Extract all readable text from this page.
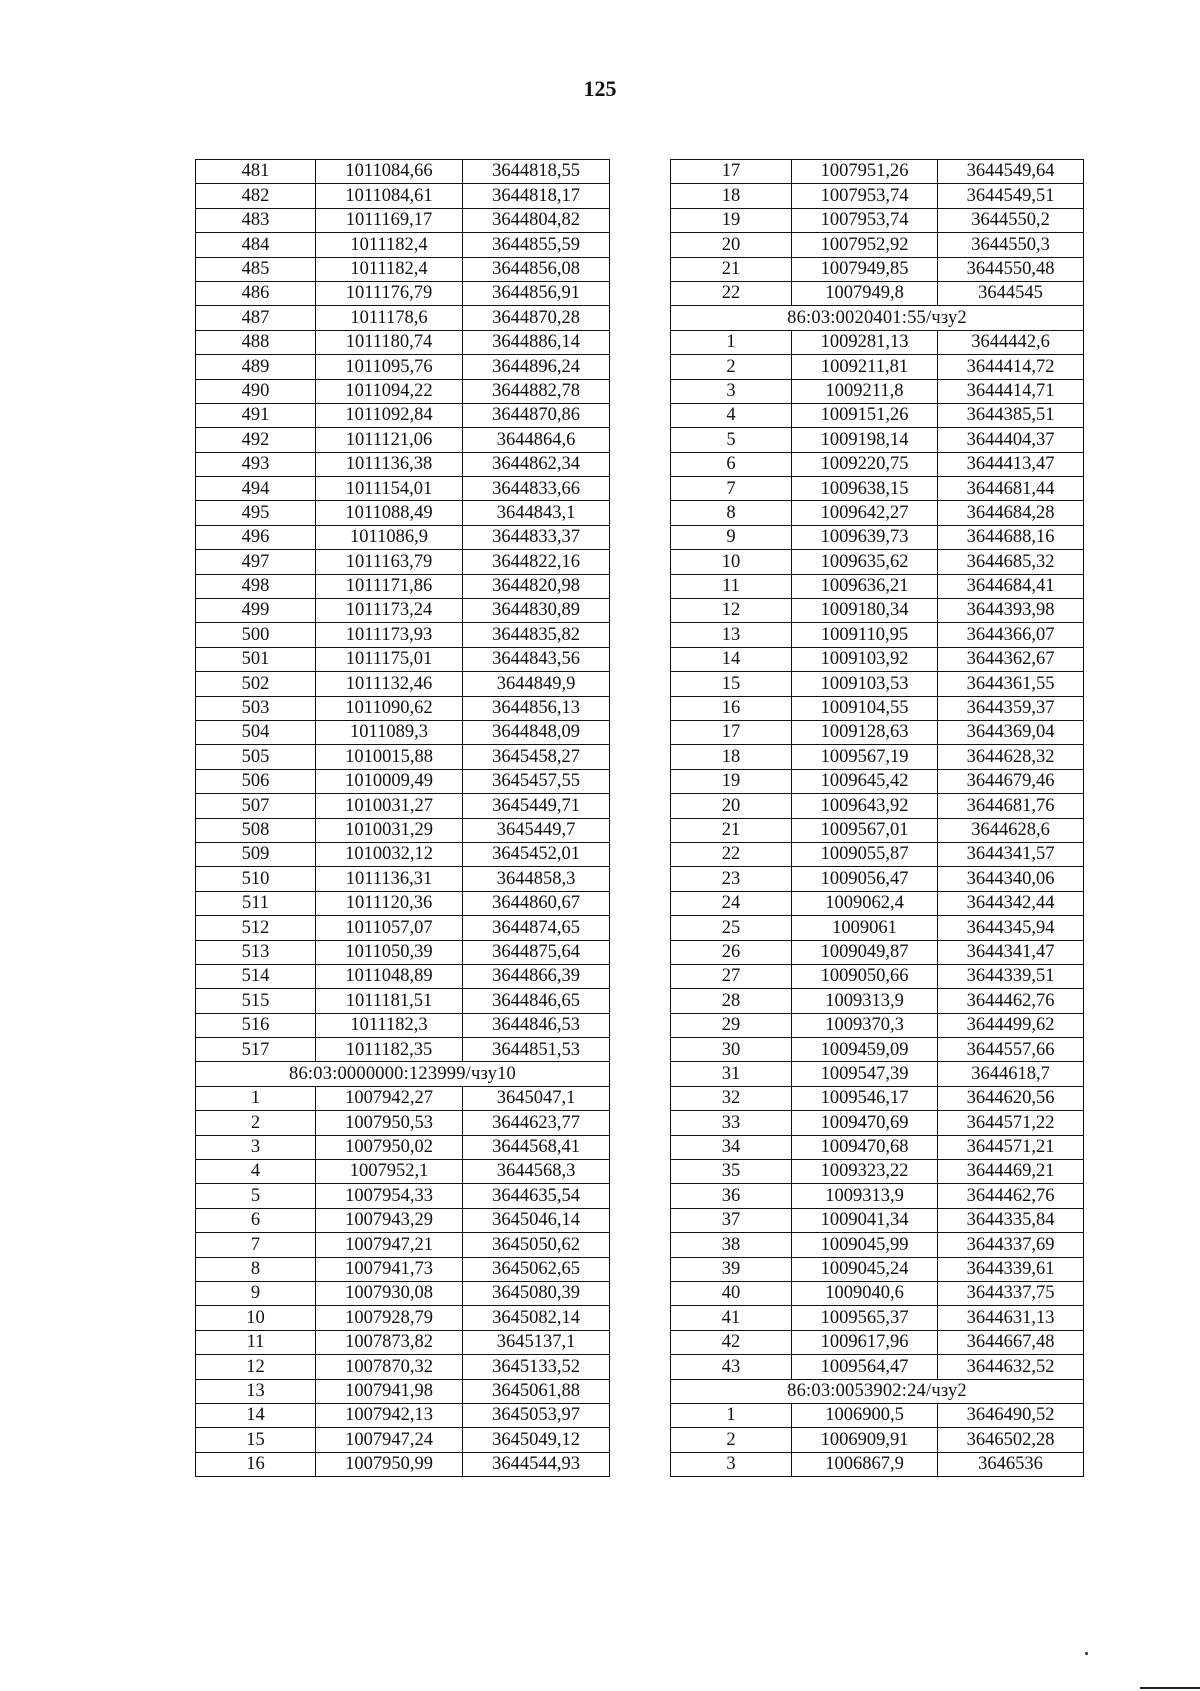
125
481	1011084,66	3644818,55
482	1011084,61	3644818,17
483	1011169,17	3644804,82
484	1011182,4	3644855,59
485	1011182,4	3644856,08
486	1011176,79	3644856,91
487	1011178,6	3644870,28
488	1011180,74	3644886,14
489	1011095,76	3644896,24
490	1011094,22	3644882,78
491	1011092,84	3644870,86
492	1011121,06	3644864,6
493	1011136,38	3644862,34
494	1011154,01	3644833,66
495	1011088,49	3644843,1
496	1011086,9	3644833,37
497	1011163,79	3644822,16
498	1011171,86	3644820,98
499	1011173,24	3644830,89
500	1011173,93	3644835,82
501	1011175,01	3644843,56
502	1011132,46	3644849,9
503	1011090,62	3644856,13
504	1011089,3	3644848,09
505	1010015,88	3645458,27
506	1010009,49	3645457,55
507	1010031,27	3645449,71
508	1010031,29	3645449,7
509	1010032,12	3645452,01
510	1011136,31	3644858,3
511	1011120,36	3644860,67
512	1011057,07	3644874,65
513	1011050,39	3644875,64
514	1011048,89	3644866,39
515	1011181,51	3644846,65
516	1011182,3	3644846,53
517	1011182,35	3644851,53
86:03:0000000:123999/чзу10		
1	1007942,27	3645047,1
2	1007950,53	3644623,77
3	1007950,02	3644568,41
4	1007952,1	3644568,3
5	1007954,33	3644635,54
6	1007943,29	3645046,14
7	1007947,21	3645050,62
8	1007941,73	3645062,65
9	1007930,08	3645080,39
10	1007928,79	3645082,14
11	1007873,82	3645137,1
12	1007870,32	3645133,52
13	1007941,98	3645061,88
14	1007942,13	3645053,97
15	1007947,24	3645049,12
16	1007950,99	3644544,93
17	1007951,26	3644549,64
18	1007953,74	3644549,51
19	1007953,74	3644550,2
20	1007952,92	3644550,3
21	1007949,85	3644550,48
22	1007949,8	3644545
86:03:0020401:55/чзу2		
1	1009281,13	3644442,6
2	1009211,81	3644414,72
3	1009211,8	3644414,71
4	1009151,26	3644385,51
5	1009198,14	3644404,37
6	1009220,75	3644413,47
7	1009638,15	3644681,44
8	1009642,27	3644684,28
9	1009639,73	3644688,16
10	1009635,62	3644685,32
11	1009636,21	3644684,41
12	1009180,34	3644393,98
13	1009110,95	3644366,07
14	1009103,92	3644362,67
15	1009103,53	3644361,55
16	1009104,55	3644359,37
17	1009128,63	3644369,04
18	1009567,19	3644628,32
19	1009645,42	3644679,46
20	1009643,92	3644681,76
21	1009567,01	3644628,6
22	1009055,87	3644341,57
23	1009056,47	3644340,06
24	1009062,4	3644342,44
25	1009061	3644345,94
26	1009049,87	3644341,47
27	1009050,66	3644339,51
28	1009313,9	3644462,76
29	1009370,3	3644499,62
30	1009459,09	3644557,66
31	1009547,39	3644618,7
32	1009546,17	3644620,56
33	1009470,69	3644571,22
34	1009470,68	3644571,21
35	1009323,22	3644469,21
36	1009313,9	3644462,76
37	1009041,34	3644335,84
38	1009045,99	3644337,69
39	1009045,24	3644339,61
40	1009040,6	3644337,75
41	1009565,37	3644631,13
42	1009617,96	3644667,48
43	1009564,47	3644632,52
86:03:0053902:24/чзу2		
1	1006900,5	3646490,52
2	1006909,91	3646502,28
3	1006867,9	3646536
